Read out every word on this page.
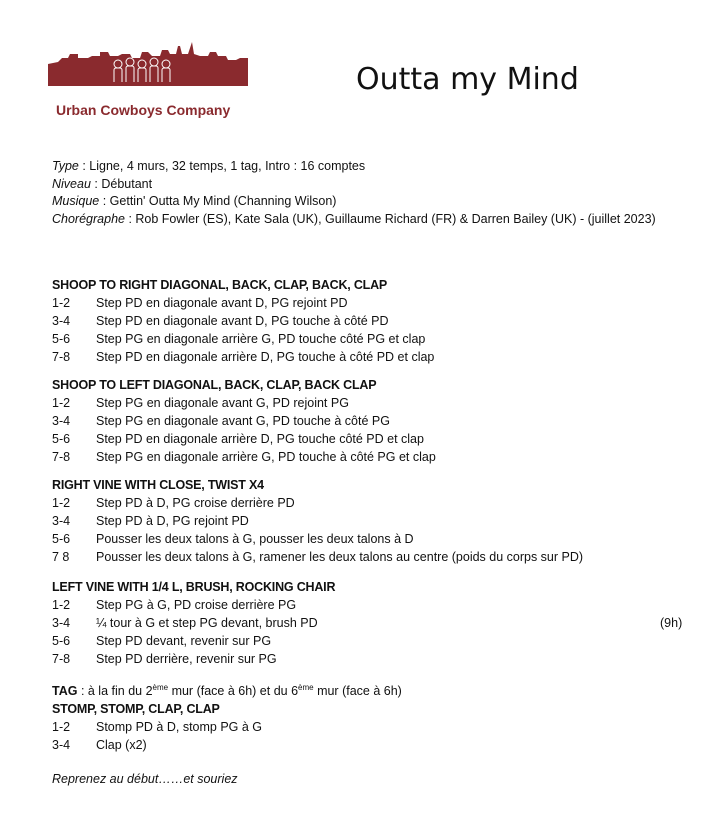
Urban Cowboys Company
Outta my Mind
Type : Ligne, 4 murs, 32 temps, 1 tag, Intro : 16 comptes
Niveau : Débutant
Musique : Gettin' Outta My Mind (Channing Wilson)
Chorégraphe : Rob Fowler (ES), Kate Sala (UK), Guillaume Richard (FR) & Darren Bailey (UK) - (juillet 2023)
SHOOP TO RIGHT DIAGONAL, BACK, CLAP, BACK, CLAP
1-2	Step PD en diagonale avant D, PG rejoint PD
3-4	Step PD en diagonale avant D, PG touche à côté PD
5-6	Step PG en diagonale arrière G, PD touche côté PG et clap
7-8	Step PD en diagonale arrière D, PG touche à côté PD et clap
SHOOP TO LEFT DIAGONAL, BACK, CLAP, BACK CLAP
1-2	Step PG en diagonale avant G, PD rejoint PG
3-4	Step PG en diagonale avant G, PD touche à côté PG
5-6	Step PD en diagonale arrière D, PG touche côté PD et clap
7-8	Step PG en diagonale arrière G, PD touche à côté PG et clap
RIGHT VINE WITH CLOSE, TWIST X4
1-2	Step PD à D, PG croise derrière PD
3-4	Step PD à D, PG rejoint PD
5-6	Pousser les deux talons à G, pousser les deux talons à D
7 8	Pousser les deux talons à G, ramener les deux talons au centre (poids du corps sur PD)
LEFT VINE WITH 1/4 L, BRUSH, ROCKING CHAIR
1-2	Step PG à G, PD croise derrière PG
3-4	¼ tour à G et step PG devant, brush PD	(9h)
5-6	Step PD devant, revenir sur PG
7-8	Step PD derrière, revenir sur PG
TAG : à la fin du 2ème mur (face à 6h) et du 6ème mur (face à 6h)
STOMP, STOMP, CLAP, CLAP
1-2	Stomp PD à D, stomp PG à G
3-4	Clap (x2)
Reprenez au début……et souriez
